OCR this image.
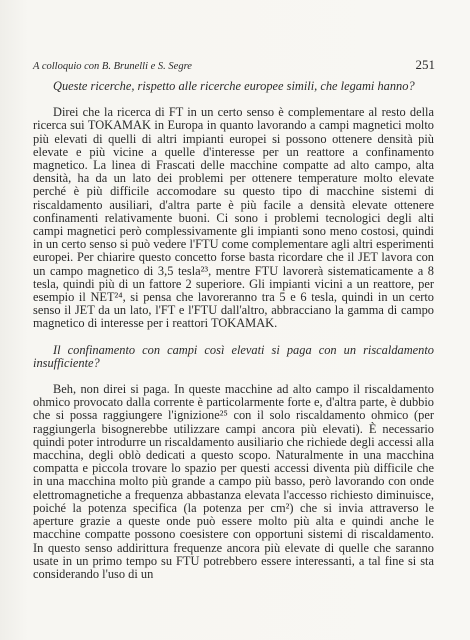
A colloquio con B. Brunelli e S. Segre	251

Queste ricerche, rispetto alle ricerche europee simili, che legami hanno?

Direi che la ricerca di FT in un certo senso è complementare al resto della ricerca sui TOKAMAK in Europa in quanto lavorando a campi magnetici molto più elevati di quelli di altri impianti europei si possono ottenere densità più elevate e più vicine a quelle d'interesse per un reattore a confinamento magnetico. La linea di Frascati delle macchine compatte ad alto campo, alta densità, ha da un lato dei problemi per ottenere temperature molto elevate perché è più difficile accomodare su questo tipo di macchine sistemi di riscaldamento ausiliari, d'altra parte è più facile a densità elevate ottenere confinamenti relativamente buoni. Ci sono i problemi tecnologici degli alti campi magnetici però complessivamente gli impianti sono meno costosi, quindi in un certo senso si può vedere l'FTU come complementare agli altri esperimenti europei. Per chiarire questo concetto forse basta ricordare che il JET lavora con un campo magnetico di 3,5 tesla²³, mentre FTU lavorerà sistematicamente a 8 tesla, quindi più di un fattore 2 superiore. Gli impianti vicini a un reattore, per esempio il NET²⁴, si pensa che lavoreranno tra 5 e 6 tesla, quindi in un certo senso il JET da un lato, l'FT e l'FTU dall'altro, abbracciano la gamma di campo magnetico di interesse per i reattori TOKAMAK.

Il confinamento con campi così elevati si paga con un riscaldamento insufficiente?

Beh, non direi si paga. In queste macchine ad alto campo il riscaldamento ohmico provocato dalla corrente è particolarmente forte e, d'altra parte, è dubbio che si possa raggiungere l'ignizione²⁵ con il solo riscaldamento ohmico (per raggiungerla bisognerebbe utilizzare campi ancora più elevati). È necessario quindi poter introdurre un riscaldamento ausiliario che richiede degli accessi alla macchina, degli oblò dedicati a questo scopo. Naturalmente in una macchina compatta e piccola trovare lo spazio per questi accessi diventa più difficile che in una macchina molto più grande a campo più basso, però lavorando con onde elettromagnetiche a frequenza abbastanza elevata l'accesso richiesto diminuisce, poiché la potenza specifica (la potenza per cm²) che si invia attraverso le aperture grazie a queste onde può essere molto più alta e quindi anche le macchine compatte possono coesistere con opportuni sistemi di riscaldamento. In questo senso addirittura frequenze ancora più elevate di quelle che saranno usate in un primo tempo su FTU potrebbero essere interessanti, a tal fine si sta considerando l'uso di un
